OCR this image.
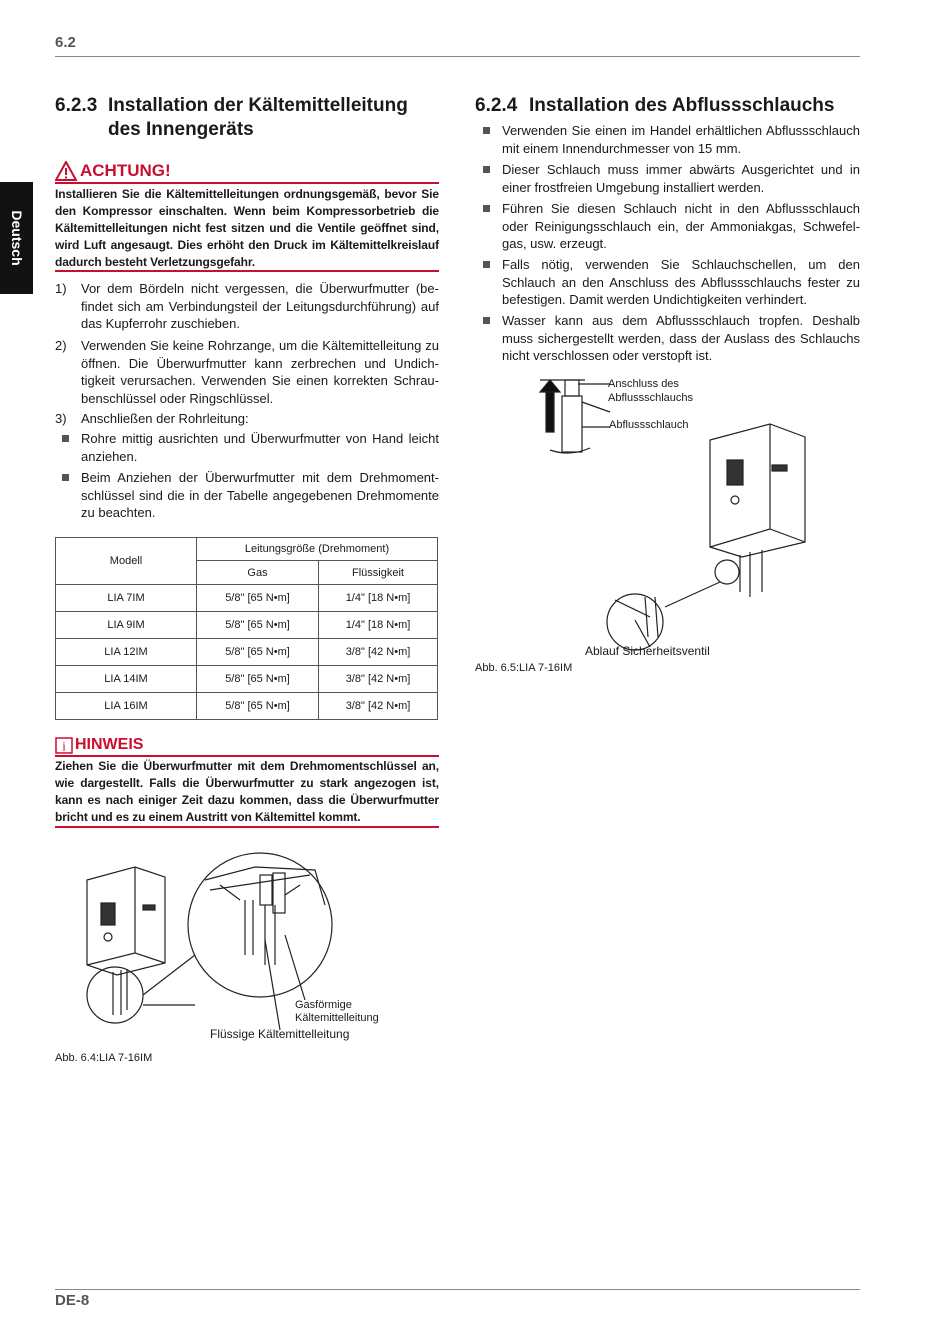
6.2
Deutsch
6.2.3 Installation der Kältemittelleitung
des Innengeräts
ACHTUNG!
Installieren Sie die Kältemittelleitungen ordnungsgemäß, bevor Sie den Kompressor einschalten. Wenn beim Kompressorbetrieb die Kältemittelleitungen nicht fest sitzen und die Ventile geöffnet sind, wird Luft angesaugt. Dies erhöht den Druck im Kältemittelkreislauf dadurch besteht Verletzungsgefahr.
1) Vor dem Bördeln nicht vergessen, die Überwurfmutter (befindet sich am Verbindungsteil der Leitungsdurchführung) auf das Kupferrohr zuschieben.
2) Verwenden Sie keine Rohrzange, um die Kältemittelleitung zu öffnen. Die Überwurfmutter kann zerbrechen und Undichtigkeit verursachen. Verwenden Sie einen korrekten Schraubenschlüssel oder Ringschlüssel.
3) Anschließen der Rohrleitung:
Rohre mittig ausrichten und Überwurfmutter von Hand leicht anziehen.
Beim Anziehen der Überwurfmutter mit dem Drehmomentschlüssel sind die in der Tabelle angegebenen Drehmomente zu beachten.
Modell	Leitungsgröße (Drehmoment)	
	Gas	Flüssigkeit
LIA 7IM	5/8" [65 N•m]	1/4" [18 N•m]
LIA 9IM	5/8" [65 N•m]	1/4" [18 N•m]
LIA 12IM	5/8" [65 N•m]	3/8" [42 N•m]
LIA 14IM	5/8" [65 N•m]	3/8" [42 N•m]
LIA 16IM	5/8" [65 N•m]	3/8" [42 N•m]
i HINWEIS
Ziehen Sie die Überwurfmutter mit dem Drehmomentschlüssel an, wie dargestellt. Falls die Überwurfmutter zu stark angezogen ist, kann es nach einiger Zeit dazu kommen, dass die Überwurfmutter bricht und es zu einem Austritt von Kältemittel kommt.
Gasförmige
Kältemittelleitung
Flüssige Kältemittelleitung
Abb. 6.4:LIA 7-16IM
6.2.4 Installation des Abflussschlauchs
Verwenden Sie einen im Handel erhältlichen Abflussschlauch mit einem Innendurchmesser von 15 mm.
Dieser Schlauch muss immer abwärts Ausgerichtet und in einer frostfreien Umgebung installiert werden.
Führen Sie diesen Schlauch nicht in den Abflussschlauch oder Reinigungsschlauch ein, der Ammoniakgas, Schwefelgas, usw. erzeugt.
Falls nötig, verwenden Sie Schlauchschellen, um den Schlauch an den Anschluss des Abflussschlauchs fester zu befestigen. Damit werden Undichtigkeiten verhindert.
Wasser kann aus dem Abflussschlauch tropfen. Deshalb muss sichergestellt werden, dass der Auslass des Schlauchs nicht verschlossen oder verstopft ist.
Anschluss des
Abflussschlauchs
Abflussschlauch
Ablauf Sicherheitsventil
Abb. 6.5:LIA 7-16IM
DE-8
